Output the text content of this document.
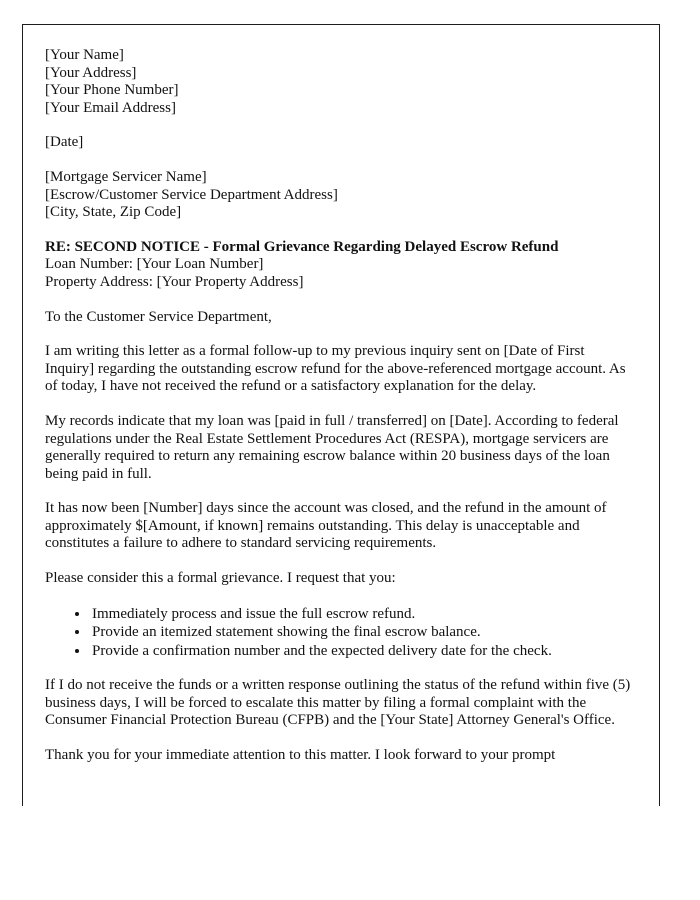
[Your Name]
[Your Address]
[Your Phone Number]
[Your Email Address]
[Date]
[Mortgage Servicer Name]
[Escrow/Customer Service Department Address]
[City, State, Zip Code]
RE: SECOND NOTICE - Formal Grievance Regarding Delayed Escrow Refund
Loan Number: [Your Loan Number]
Property Address: [Your Property Address]

To the Customer Service Department,

I am writing this letter as a formal follow-up to my previous inquiry sent on [Date of First Inquiry] regarding the outstanding escrow refund for the above-referenced mortgage account. As of today, I have not received the refund or a satisfactory explanation for the delay.

My records indicate that my loan was [paid in full / transferred] on [Date]. According to federal regulations under the Real Estate Settlement Procedures Act (RESPA), mortgage servicers are generally required to return any remaining escrow balance within 20 business days of the loan being paid in full.

It has now been [Number] days since the account was closed, and the refund in the amount of approximately $[Amount, if known] remains outstanding. This delay is unacceptable and constitutes a failure to adhere to standard servicing requirements.

Please consider this a formal grievance. I request that you:

• Immediately process and issue the full escrow refund.
• Provide an itemized statement showing the final escrow balance.
• Provide a confirmation number and the expected delivery date for the check.

If I do not receive the funds or a written response outlining the status of the refund within five (5) business days, I will be forced to escalate this matter by filing a formal complaint with the Consumer Financial Protection Bureau (CFPB) and the [Your State] Attorney General's Office.

Thank you for your immediate attention to this matter. I look forward to your prompt
